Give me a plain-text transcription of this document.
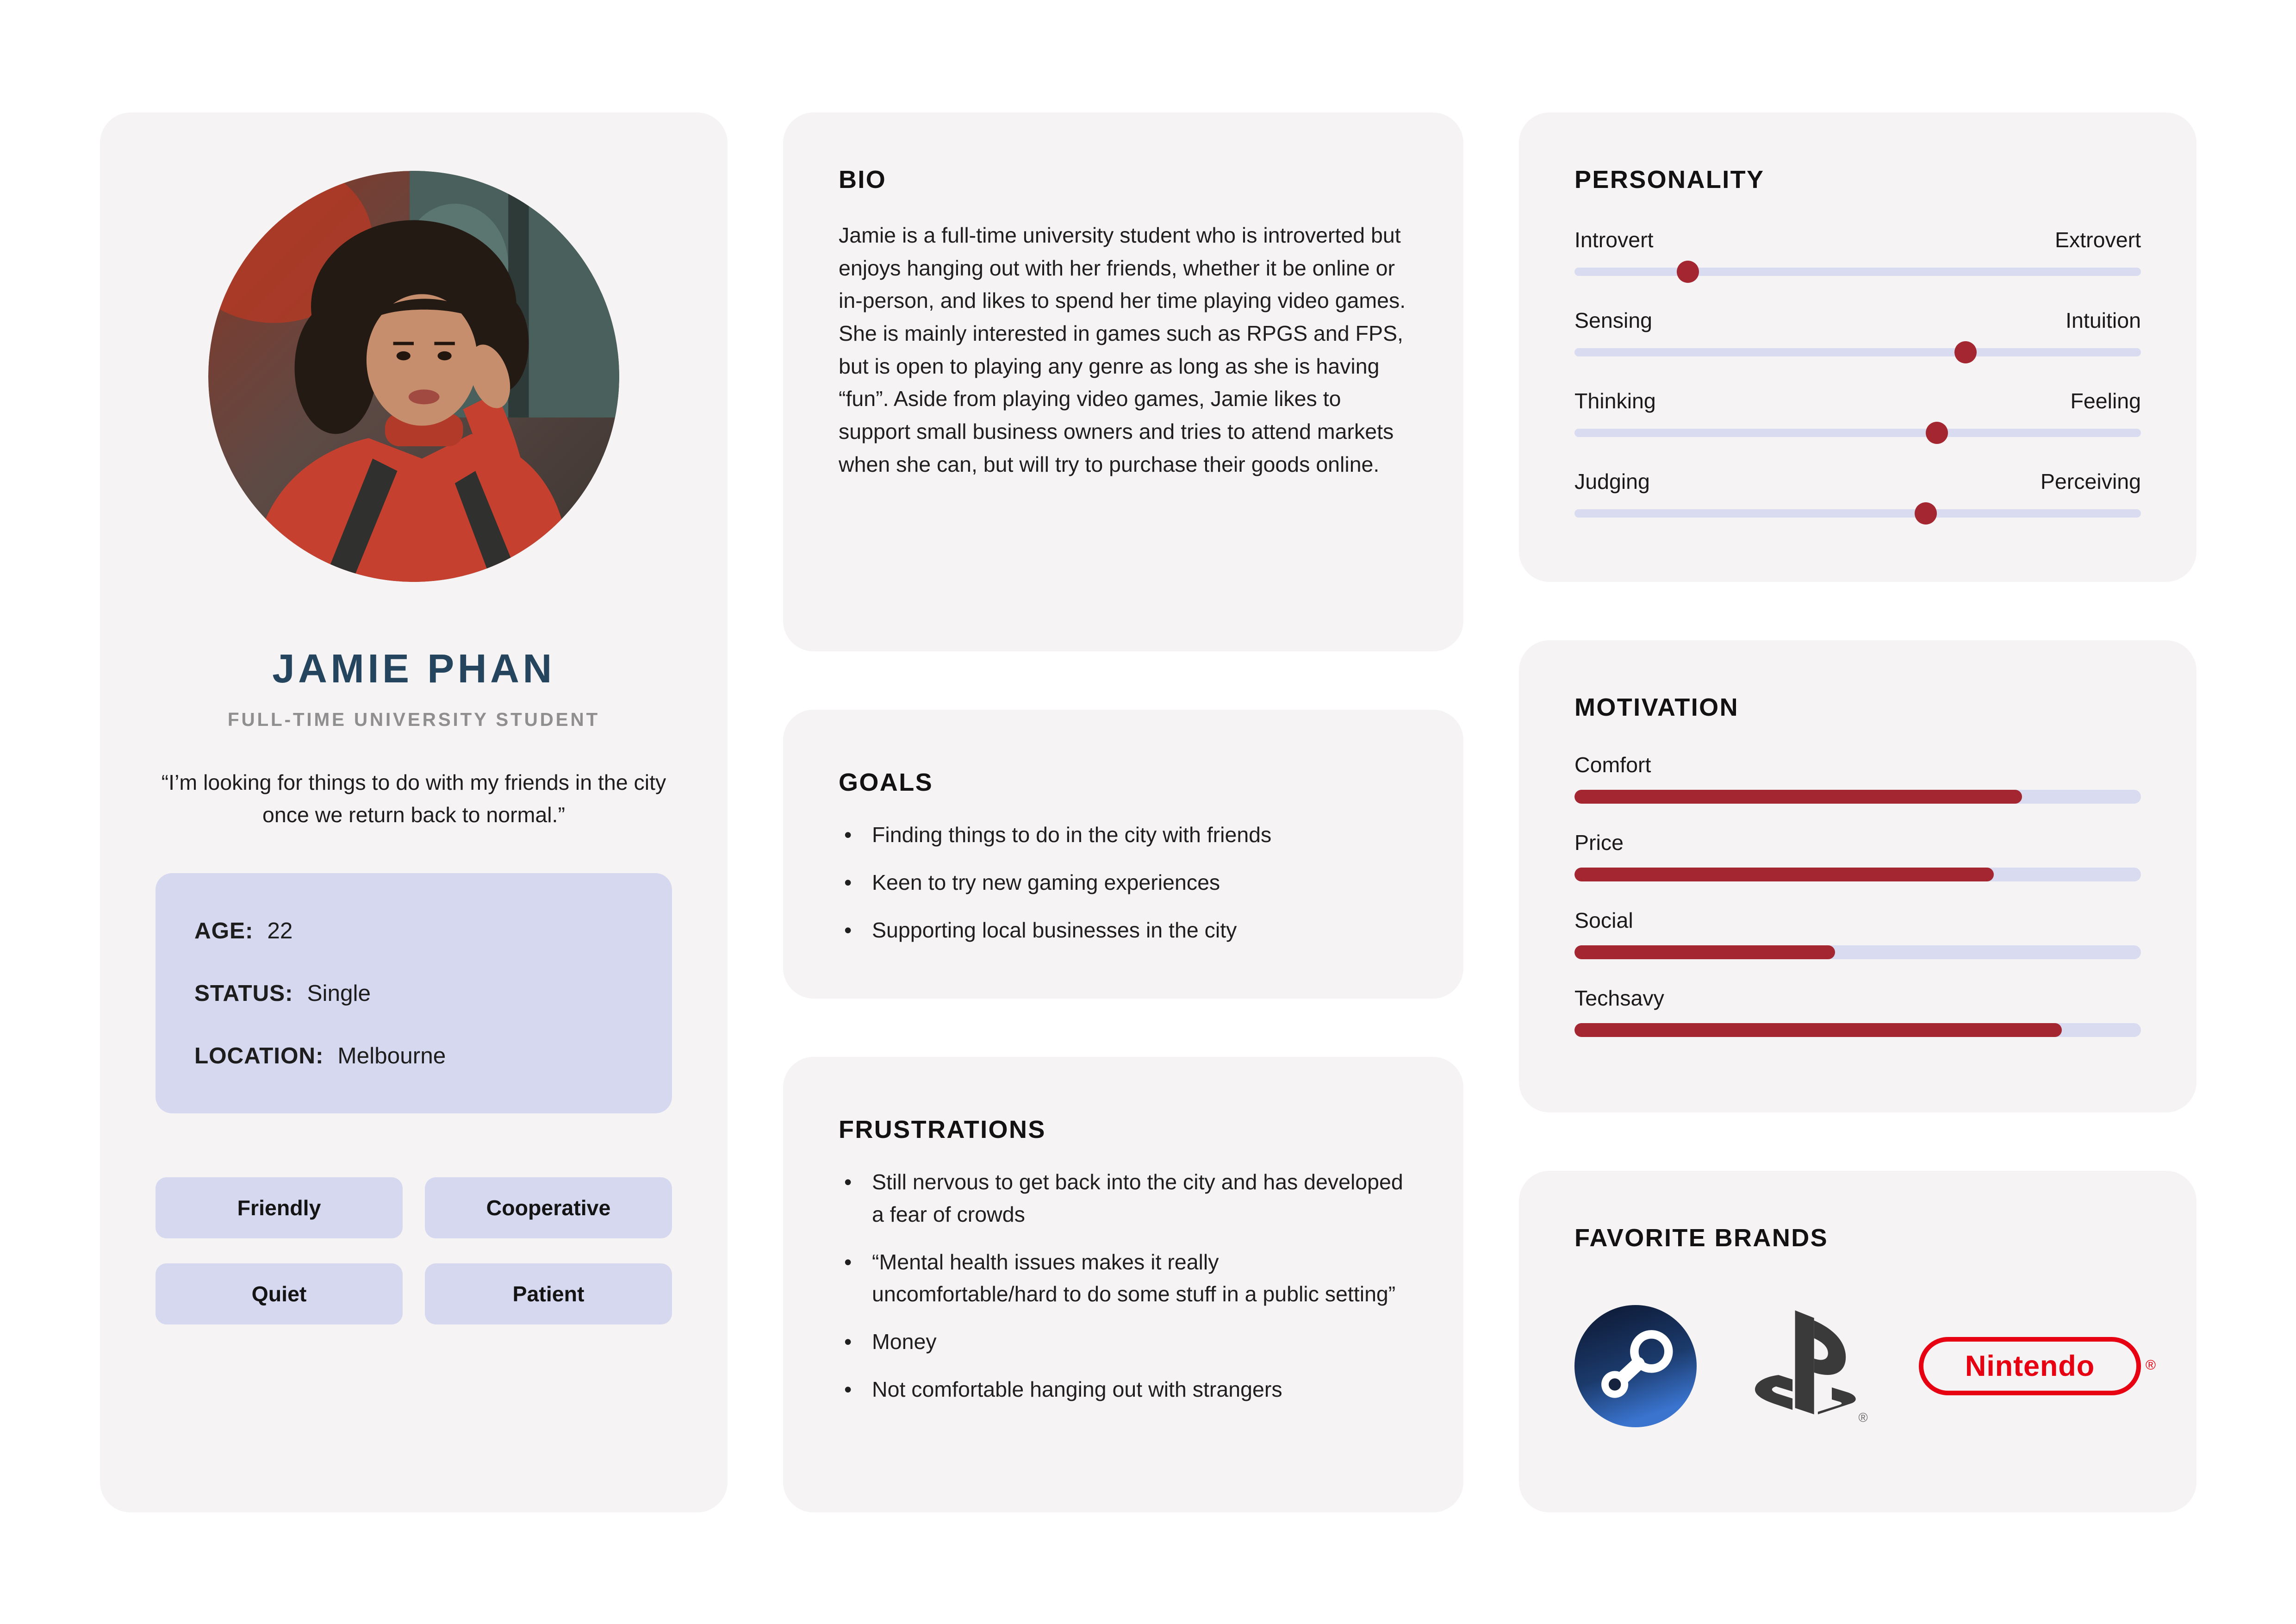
JAMIE PHAN
FULL-TIME UNIVERSITY STUDENT

“I’m looking for things to do with my friends in the city once we return back to normal.”

AGE: 22
STATUS: Single
LOCATION: Melbourne
Friendly	Cooperative
Quiet	Patient
BIO

Jamie is a full-time university student who is introverted but enjoys hanging out with her friends, whether it be online or in-person, and likes to spend her time playing video games. She is mainly interested in games such as RPGS and FPS, but is open to playing any genre as long as she is having “fun”. Aside from playing video games, Jamie likes to support small business owners and tries to attend markets when she can, but will try to purchase their goods online.

GOALS
• Finding things to do in the city with friends
• Keen to try new gaming experiences
• Supporting local businesses in the city
FRUSTRATIONS
• Still nervous to get back into the city and has developed a fear of crowds
• “Mental health issues makes it really uncomfortable/hard to do some stuff in a public setting”
• Money
• Not comfortable hanging out with strangers
PERSONALITY
Introvert	Extrovert
Sensing	Intuition
Thinking	Feeling
Judging	Perceiving
MOTIVATION
Comfort
Price
Social
Techsavy
FAVORITE BRANDS
®
Nintendo	®
